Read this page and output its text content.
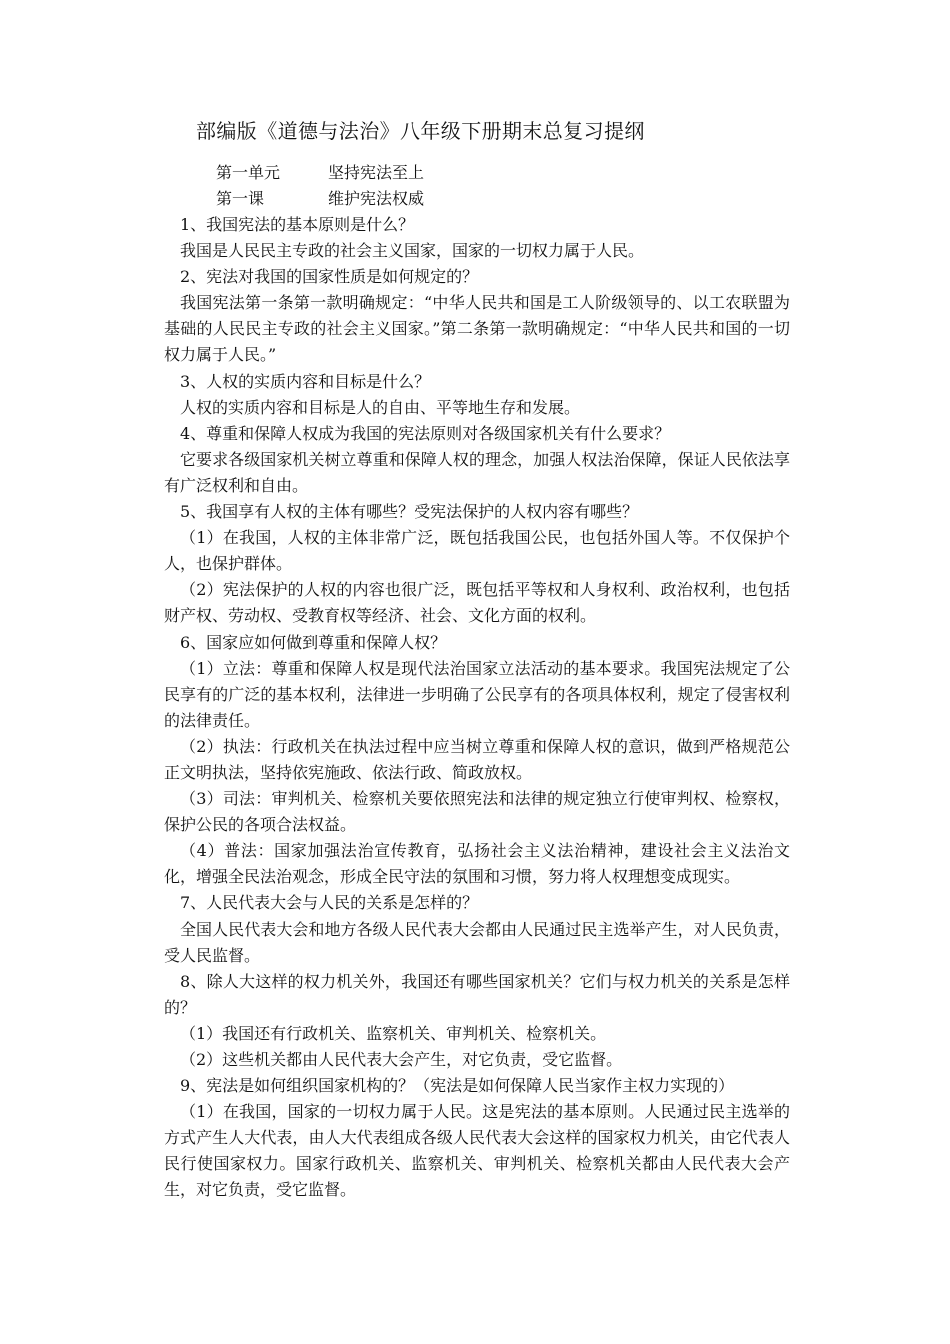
部编版《道德与法治》八年级下册期末总复习提纲
第一单元	坚持宪法至上
第一课	维护宪法权威

1、我国宪法的基本原则是什么？

我国是人民民主专政的社会主义国家，国家的一切权力属于人民。

2、宪法对我国的国家性质是如何规定的？

我国宪法第一条第一款明确规定：“中华人民共和国是工人阶级领导的、以工农联盟为基础的人民民主专政的社会主义国家。”第二条第一款明确规定：“中华人民共和国的一切权力属于人民。”

3、人权的实质内容和目标是什么？

人权的实质内容和目标是人的自由、平等地生存和发展。

4、尊重和保障人权成为我国的宪法原则对各级国家机关有什么要求？

它要求各级国家机关树立尊重和保障人权的理念，加强人权法治保障，保证人民依法享有广泛权利和自由。

5、我国享有人权的主体有哪些？受宪法保护的人权内容有哪些？

（1）在我国，人权的主体非常广泛，既包括我国公民，也包括外国人等。不仅保护个人，也保护群体。

（2）宪法保护的人权的内容也很广泛，既包括平等权和人身权利、政治权利，也包括财产权、劳动权、受教育权等经济、社会、文化方面的权利。

6、国家应如何做到尊重和保障人权？

（1）立法：尊重和保障人权是现代法治国家立法活动的基本要求。我国宪法规定了公民享有的广泛的基本权利，法律进一步明确了公民享有的各项具体权利，规定了侵害权利的法律责任。

（2）执法：行政机关在执法过程中应当树立尊重和保障人权的意识，做到严格规范公正文明执法，坚持依宪施政、依法行政、简政放权。

（3）司法：审判机关、检察机关要依照宪法和法律的规定独立行使审判权、检察权，保护公民的各项合法权益。

（4）普法：国家加强法治宣传教育，弘扬社会主义法治精神，建设社会主义法治文化，增强全民法治观念，形成全民守法的氛围和习惯，努力将人权理想变成现实。

7、人民代表大会与人民的关系是怎样的？

全国人民代表大会和地方各级人民代表大会都由人民通过民主选举产生，对人民负责，受人民监督。

8、除人大这样的权力机关外，我国还有哪些国家机关？它们与权力机关的关系是怎样的？

（1）我国还有行政机关、监察机关、审判机关、检察机关。

（2）这些机关都由人民代表大会产生，对它负责，受它监督。

9、宪法是如何组织国家机构的？（宪法是如何保障人民当家作主权力实现的）

（1）在我国，国家的一切权力属于人民。这是宪法的基本原则。人民通过民主选举的方式产生人大代表，由人大代表组成各级人民代表大会这样的国家权力机关，由它代表人民行使国家权力。国家行政机关、监察机关、审判机关、检察机关都由人民代表大会产生，对它负责，受它监督。
